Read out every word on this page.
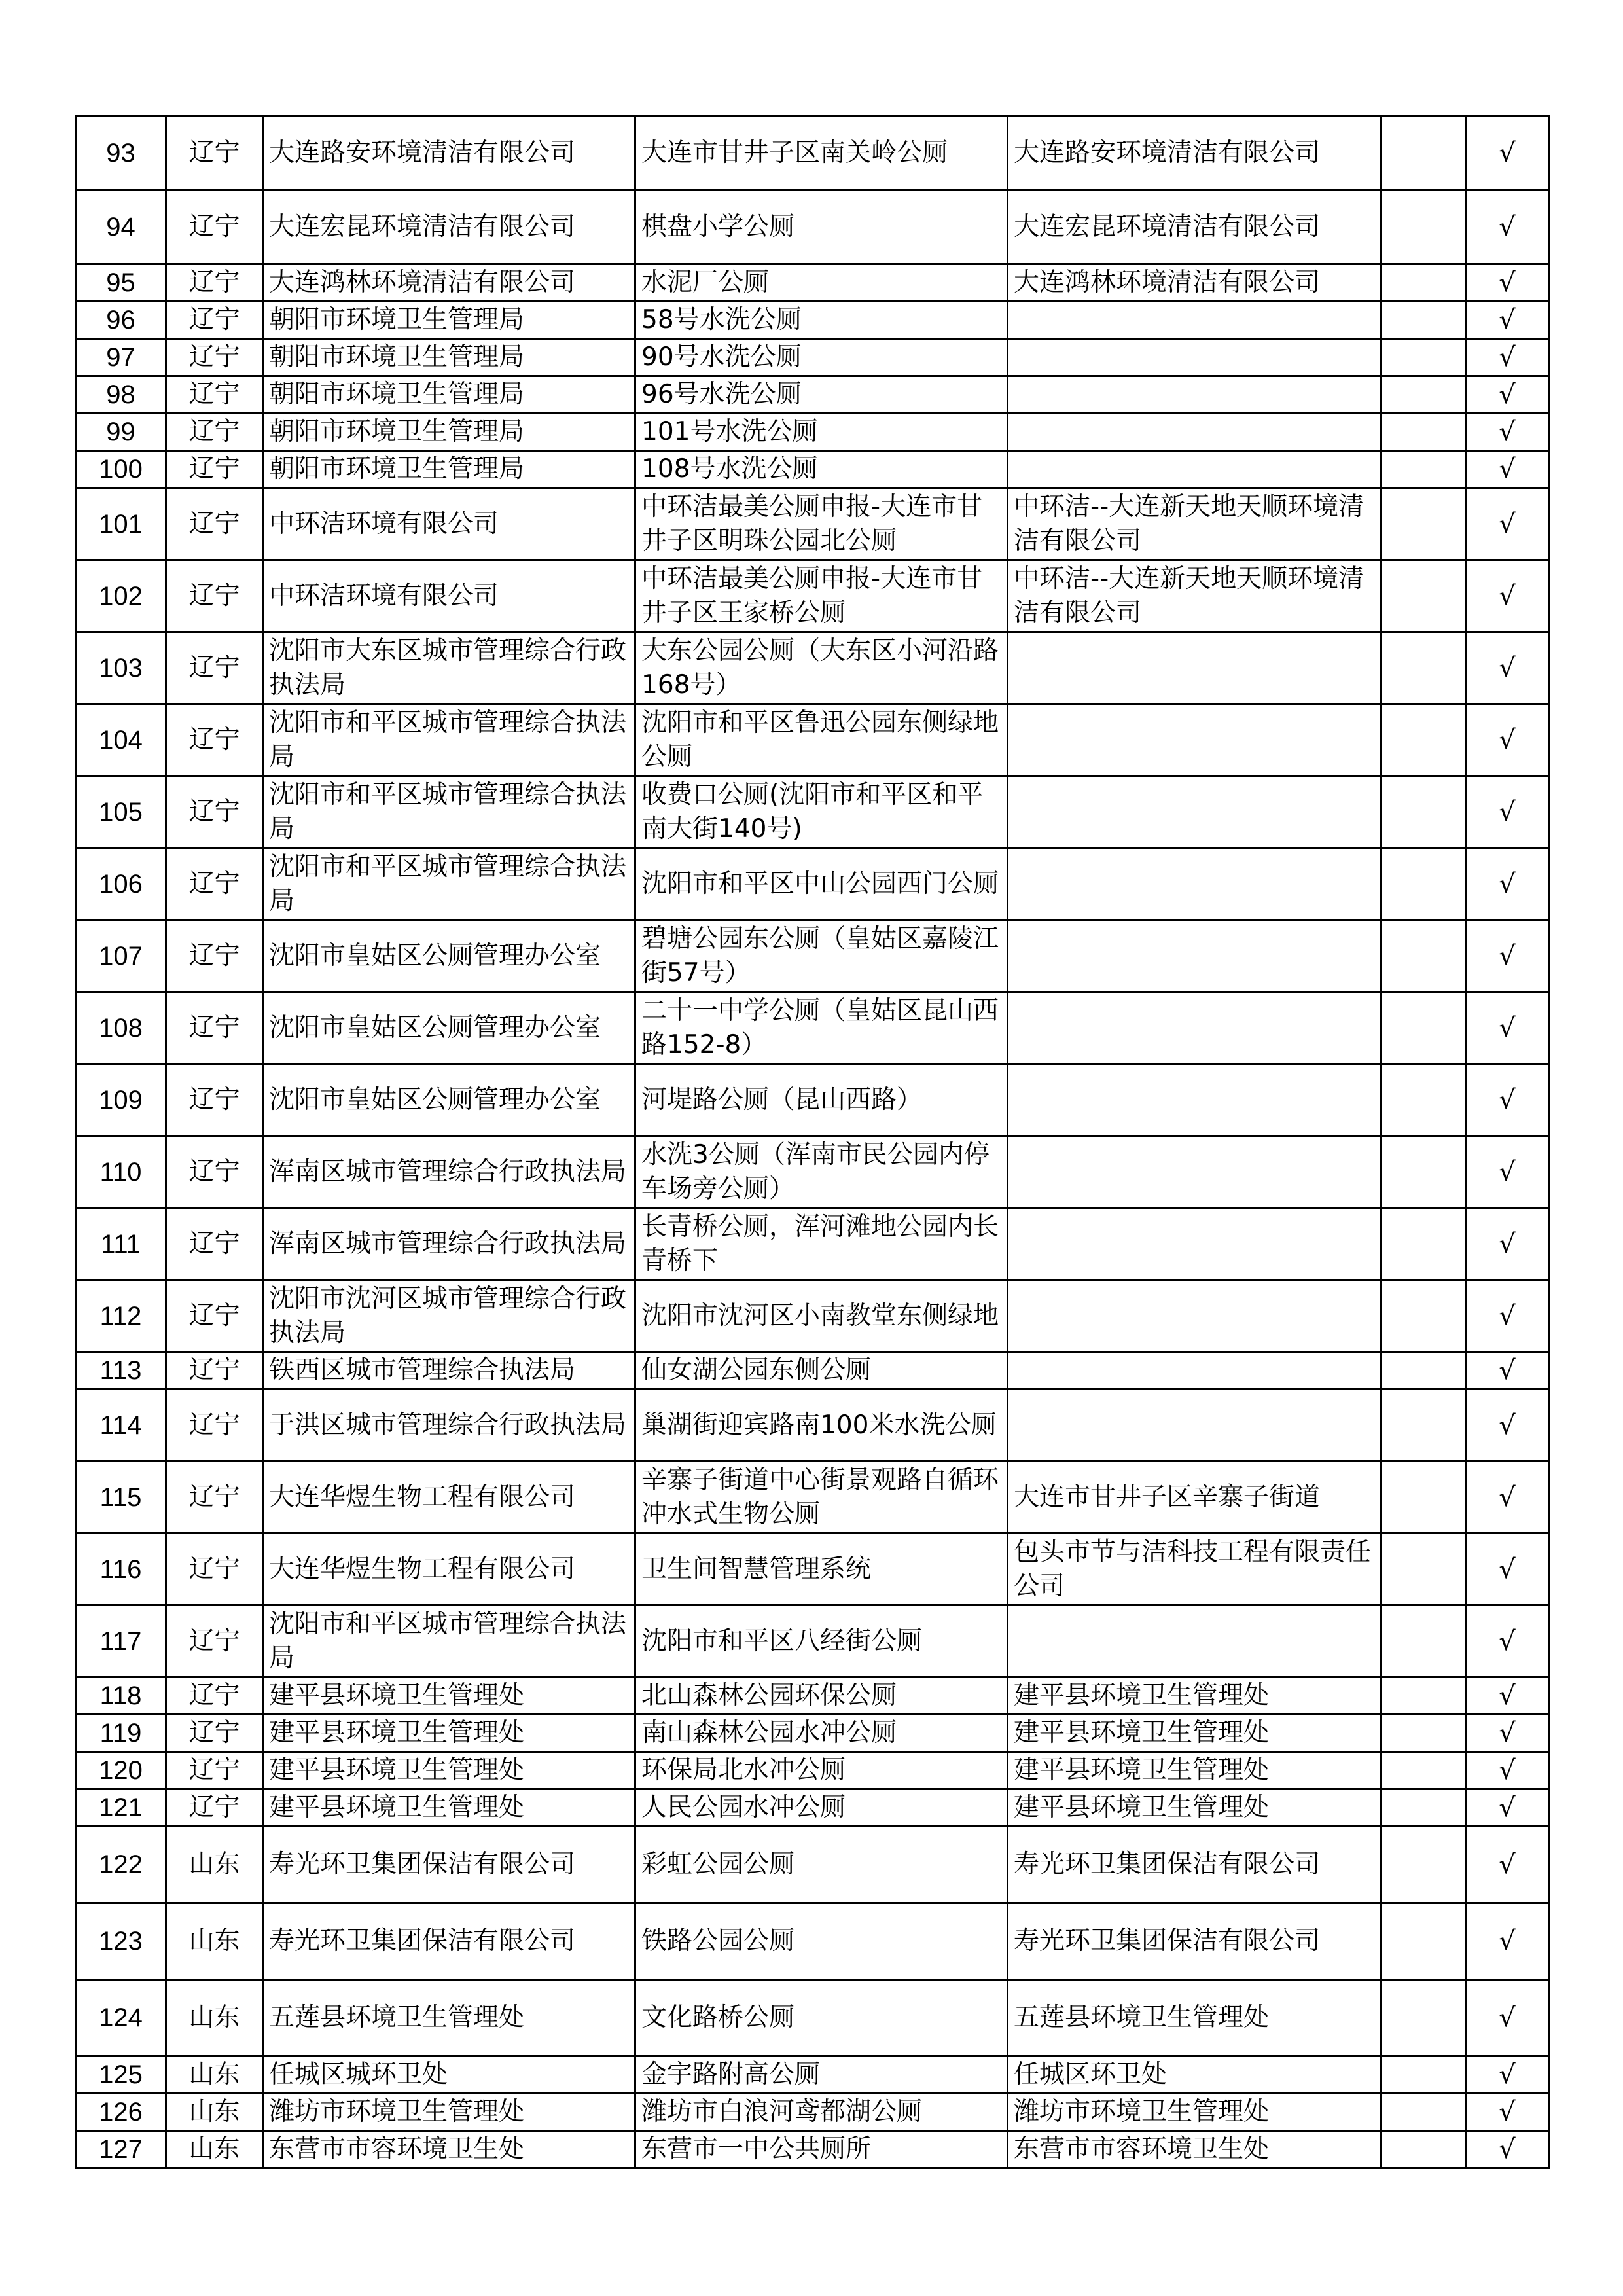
93	辽宁	大连路安环境清洁有限公司	大连市甘井子区南关岭公厕	大连路安环境清洁有限公司		√
94	辽宁	大连宏昆环境清洁有限公司	棋盘小学公厕	大连宏昆环境清洁有限公司		√
95	辽宁	大连鸿林环境清洁有限公司	水泥厂公厕	大连鸿林环境清洁有限公司		√
96	辽宁	朝阳市环境卫生管理局	58号水洗公厕			√
97	辽宁	朝阳市环境卫生管理局	90号水洗公厕			√
98	辽宁	朝阳市环境卫生管理局	96号水洗公厕			√
99	辽宁	朝阳市环境卫生管理局	101号水洗公厕			√
100	辽宁	朝阳市环境卫生管理局	108号水洗公厕			√
101	辽宁	中环洁环境有限公司	中环洁最美公厕申报-大连市甘井子区明珠公园北公厕	中环洁--大连新天地天顺环境清洁有限公司		√
102	辽宁	中环洁环境有限公司	中环洁最美公厕申报-大连市甘井子区王家桥公厕	中环洁--大连新天地天顺环境清洁有限公司		√
103	辽宁	沈阳市大东区城市管理综合行政执法局	大东公园公厕（大东区小河沿路168号）			√
104	辽宁	沈阳市和平区城市管理综合执法局	沈阳市和平区鲁迅公园东侧绿地公厕			√
105	辽宁	沈阳市和平区城市管理综合执法局	收费口公厕(沈阳市和平区和平南大街140号)			√
106	辽宁	沈阳市和平区城市管理综合执法局	沈阳市和平区中山公园西门公厕			√
107	辽宁	沈阳市皇姑区公厕管理办公室	碧塘公园东公厕（皇姑区嘉陵江街57号）			√
108	辽宁	沈阳市皇姑区公厕管理办公室	二十一中学公厕（皇姑区昆山西路152-8）			√
109	辽宁	沈阳市皇姑区公厕管理办公室	河堤路公厕（昆山西路）			√
110	辽宁	浑南区城市管理综合行政执法局	水洗3公厕（浑南市民公园内停车场旁公厕）			√
111	辽宁	浑南区城市管理综合行政执法局	长青桥公厕，浑河滩地公园内长青桥下			√
112	辽宁	沈阳市沈河区城市管理综合行政执法局	沈阳市沈河区小南教堂东侧绿地			√
113	辽宁	铁西区城市管理综合执法局	仙女湖公园东侧公厕			√
114	辽宁	于洪区城市管理综合行政执法局	巢湖街迎宾路南100米水洗公厕			√
115	辽宁	大连华煜生物工程有限公司	辛寨子街道中心街景观路自循环冲水式生物公厕	大连市甘井子区辛寨子街道		√
116	辽宁	大连华煜生物工程有限公司	卫生间智慧管理系统	包头市节与洁科技工程有限责任公司		√
117	辽宁	沈阳市和平区城市管理综合执法局	沈阳市和平区八经街公厕			√
118	辽宁	建平县环境卫生管理处	北山森林公园环保公厕	建平县环境卫生管理处		√
119	辽宁	建平县环境卫生管理处	南山森林公园水冲公厕	建平县环境卫生管理处		√
120	辽宁	建平县环境卫生管理处	环保局北水冲公厕	建平县环境卫生管理处		√
121	辽宁	建平县环境卫生管理处	人民公园水冲公厕	建平县环境卫生管理处		√
122	山东	寿光环卫集团保洁有限公司	彩虹公园公厕	寿光环卫集团保洁有限公司		√
123	山东	寿光环卫集团保洁有限公司	铁路公园公厕	寿光环卫集团保洁有限公司		√
124	山东	五莲县环境卫生管理处	文化路桥公厕	五莲县环境卫生管理处		√
125	山东	任城区城环卫处	金宇路附高公厕	任城区环卫处		√
126	山东	潍坊市环境卫生管理处	潍坊市白浪河鸢都湖公厕	潍坊市环境卫生管理处		√
127	山东	东营市市容环境卫生处	东营市一中公共厕所	东营市市容环境卫生处		√
